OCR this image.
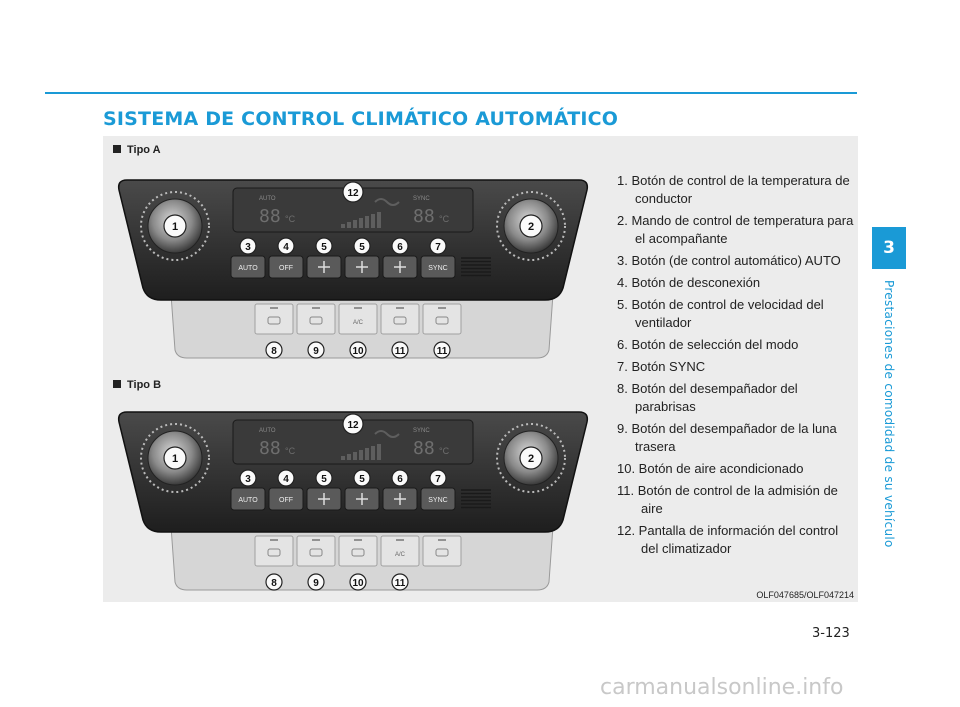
SISTEMA DE CONTROL CLIMÁTICO AUTOMÁTICO
Tipo A
AUTO	SYNC
88 °C	88 °C
1	2
12
AUTO
3
OFF
4	5	5	6
SYNC
7
A/C
8	9	10	11	11
Tipo B
AUTO	SYNC
88 °C	88 °C
1	2
12
AUTO
3
OFF
4	5	5	6
SYNC
7
A/C
8	9	10	11
OLF047685/OLF047214
1. Botón de control de la temperatura de conductor
2. Mando de control de temperatura para el acompañante
3. Botón (de control automático) AUTO
4. Botón de desconexión
5. Botón de control de velocidad del ventilador
6. Botón de selección del modo
7. Botón SYNC
8. Botón del desempañador del parabrisas
9. Botón del desempañador de la luna trasera
10. Botón de aire acondicionado
11. Botón de control de la admisión de aire
12. Pantalla de información del control del climatizador
3-123
3
Prestaciones de comodidad de su vehículo
carmanualsonline.info
